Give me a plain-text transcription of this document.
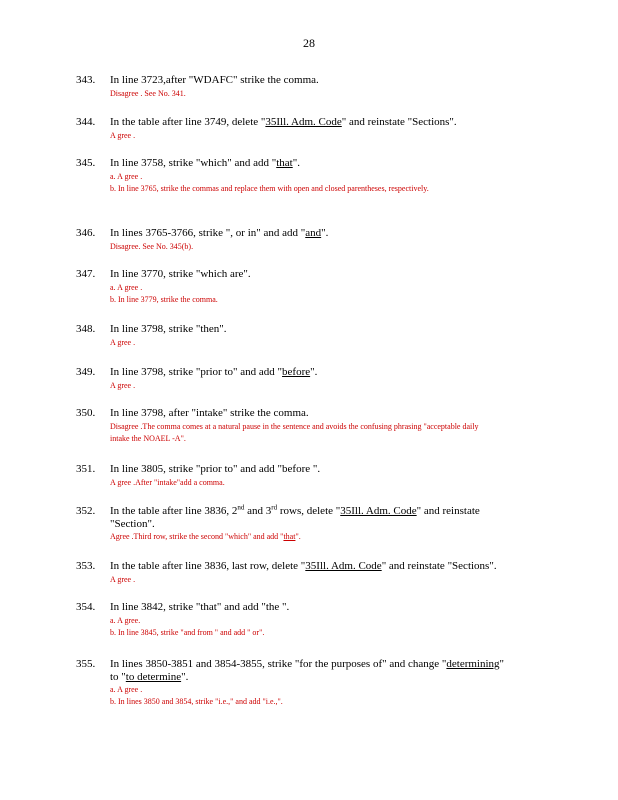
28
343. In line 3723,after "WDAFC" strike the comma.
Disagree . See No. 341.
344. In the table after line 3749, delete "35Ill. Adm. Code" and reinstate "Sections".
A gree .
345. In line 3758, strike "which" and add "that".
a. A gree .
b. In line 3765, strike the commas and replace them with open and closed parentheses, respectively.
346. In lines 3765-3766, strike ", or in" and add "and".
Disagree. See No. 345(b).
347. In line 3770, strike "which are".
a. A gree .
b. In line 3779, strike the comma.
348. In line 3798, strike "then".
A gree .
349. In line 3798, strike "prior to" and add "before".
A gree .
350. In line 3798, after "intake" strike the comma.
Disagree .The comma comes at a natural pause in the sentence and avoids the confusing phrasing "acceptable daily intake the NOAEL -A".
351. In line 3805, strike "prior to" and add "before ".
A gree .After "intake"add a comma.
352. In the table after line 3836, 2nd and 3rd rows, delete "35Ill. Adm. Code" and reinstate "Section".
Agree .Third row, strike the second "which" and add "that".
353. In the table after line 3836, last row, delete "35Ill. Adm. Code" and reinstate "Sections".
A gree .
354. In line 3842, strike "that" and add "the ".
a. A gree.
b. In line 3845, strike "and from " and add " or".
355. In lines 3850-3851 and 3854-3855, strike "for the purposes of" and change "determining" to "to determine".
a. A gree .
b. In lines 3850 and 3854, strike "i.e.," and add "i.e.,".
